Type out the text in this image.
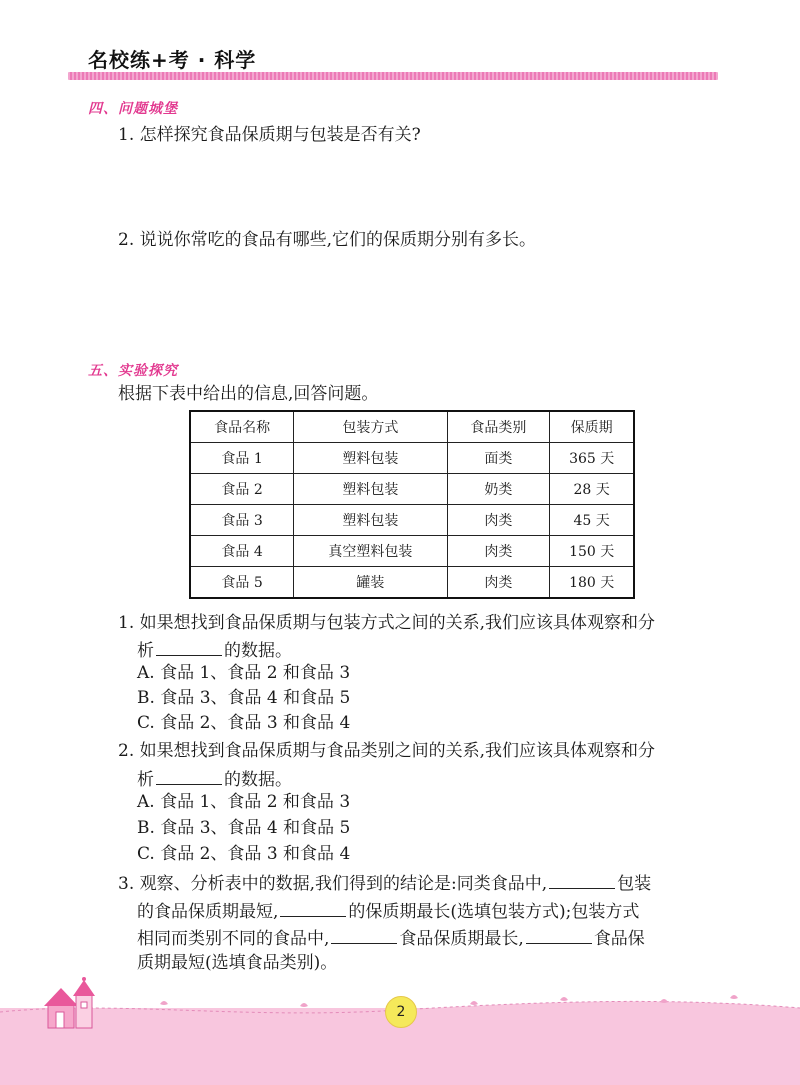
名校练+考 · 科学
四、问题城堡
1. 怎样探究食品保质期与包装是否有关?
2. 说说你常吃的食品有哪些,它们的保质期分别有多长。
五、实验探究
根据下表中给出的信息,回答问题。
食品名称	包装方式	食品类别	保质期
食品 1	塑料包装	面类	365 天
食品 2	塑料包装	奶类	28 天
食品 3	塑料包装	肉类	45 天
食品 4	真空塑料包装	肉类	150 天
食品 5	罐装	肉类	180 天
1. 如果想找到食品保质期与包装方式之间的关系,我们应该具体观察和分
析	的数据。
A. 食品 1、食品 2 和食品 3
B. 食品 3、食品 4 和食品 5
C. 食品 2、食品 3 和食品 4
2. 如果想找到食品保质期与食品类别之间的关系,我们应该具体观察和分
析	的数据。
A. 食品 1、食品 2 和食品 3
B. 食品 3、食品 4 和食品 5
C. 食品 2、食品 3 和食品 4
3. 观察、分析表中的数据,我们得到的结论是:同类食品中,	包装
的食品保质期最短,	的保质期最长(选填包装方式);包装方式
相同而类别不同的食品中,	食品保质期最长,	食品保
质期最短(选填食品类别)。
2
